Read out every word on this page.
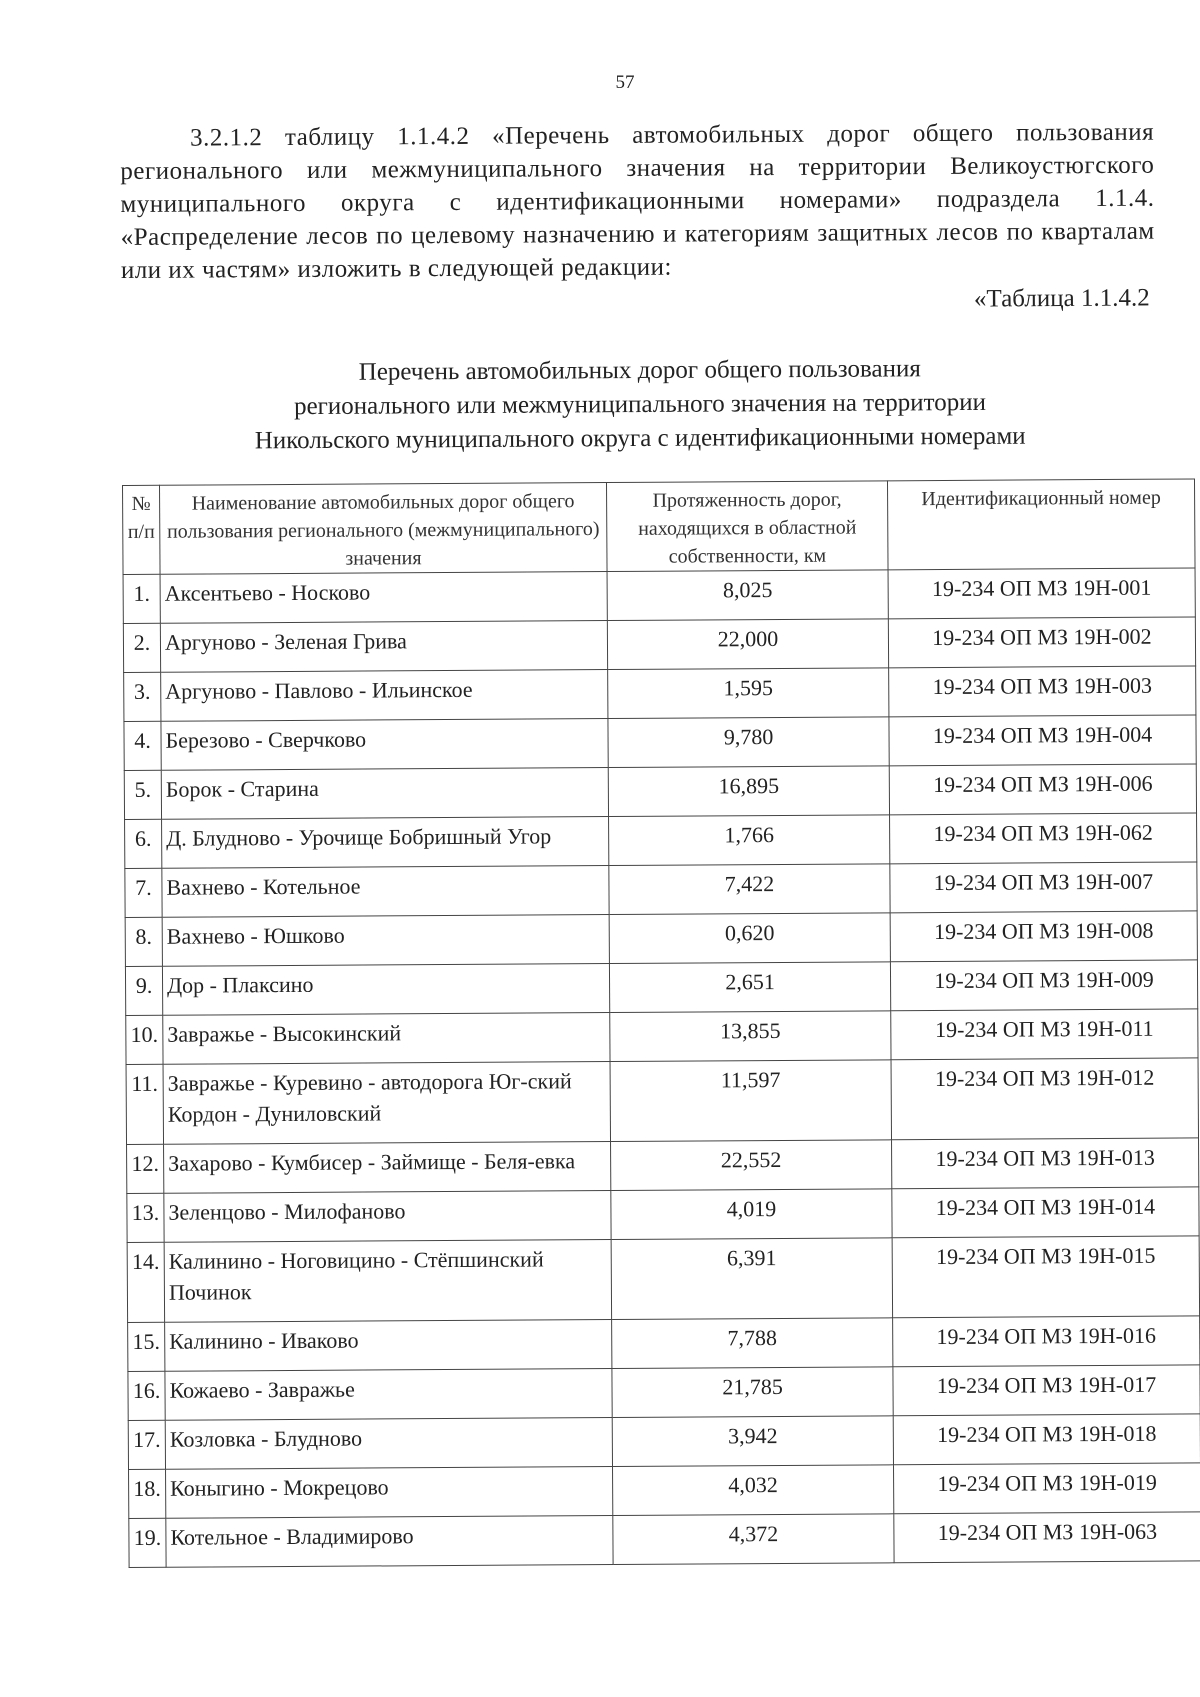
57
3.2.1.2 таблицу 1.1.4.2 «Перечень автомобильных дорог общего пользования регионального или межмуниципального значения на территории Великоустюгского муниципального округа с идентификационными номерами» подраздела 1.1.4. «Распределение лесов по целевому назначению и категориям защитных лесов по кварталам или их частям» изложить в следующей редакции:
«Таблица 1.1.4.2
Перечень автомобильных дорог общего пользования
регионального или межмуниципального значения на территории
Никольского муниципального округа с идентификационными номерами
№ п/п	Наименование автомобильных дорог общего пользования регионального (межмуниципального) значения	Протяженность дорог, находящихся в областной собственности, км	Идентификационный номер
1.	Аксентьево - Носково	8,025	19-234 ОП МЗ 19Н-001
2.	Аргуново - Зеленая Грива	22,000	19-234 ОП МЗ 19Н-002
3.	Аргуново - Павлово - Ильинское	1,595	19-234 ОП МЗ 19Н-003
4.	Березово - Сверчково	9,780	19-234 ОП МЗ 19Н-004
5.	Борок - Старина	16,895	19-234 ОП МЗ 19Н-006
6.	Д. Блудново - Урочище Бобришный Угор	1,766	19-234 ОП МЗ 19Н-062
7.	Вахнево - Котельное	7,422	19-234 ОП МЗ 19Н-007
8.	Вахнево - Юшково	0,620	19-234 ОП МЗ 19Н-008
9.	Дор - Плаксино	2,651	19-234 ОП МЗ 19Н-009
10.	Завражье - Высокинский	13,855	19-234 ОП МЗ 19Н-011
11.	Завражье - Куревино - автодорога Юг-ский Кордон - Дуниловский	11,597	19-234 ОП МЗ 19Н-012
12.	Захарово - Кумбисер - Займище - Беля-евка	22,552	19-234 ОП МЗ 19Н-013
13.	Зеленцово - Милофаново	4,019	19-234 ОП МЗ 19Н-014
14.	Калинино - Ноговицино - Стёпшинский Починок	6,391	19-234 ОП МЗ 19Н-015
15.	Калинино - Иваково	7,788	19-234 ОП МЗ 19Н-016
16.	Кожаево - Завражье	21,785	19-234 ОП МЗ 19Н-017
17.	Козловка - Блудново	3,942	19-234 ОП МЗ 19Н-018
18.	Коныгино - Мокрецово	4,032	19-234 ОП МЗ 19Н-019
19.	Котельное - Владимирово	4,372	19-234 ОП МЗ 19Н-063
